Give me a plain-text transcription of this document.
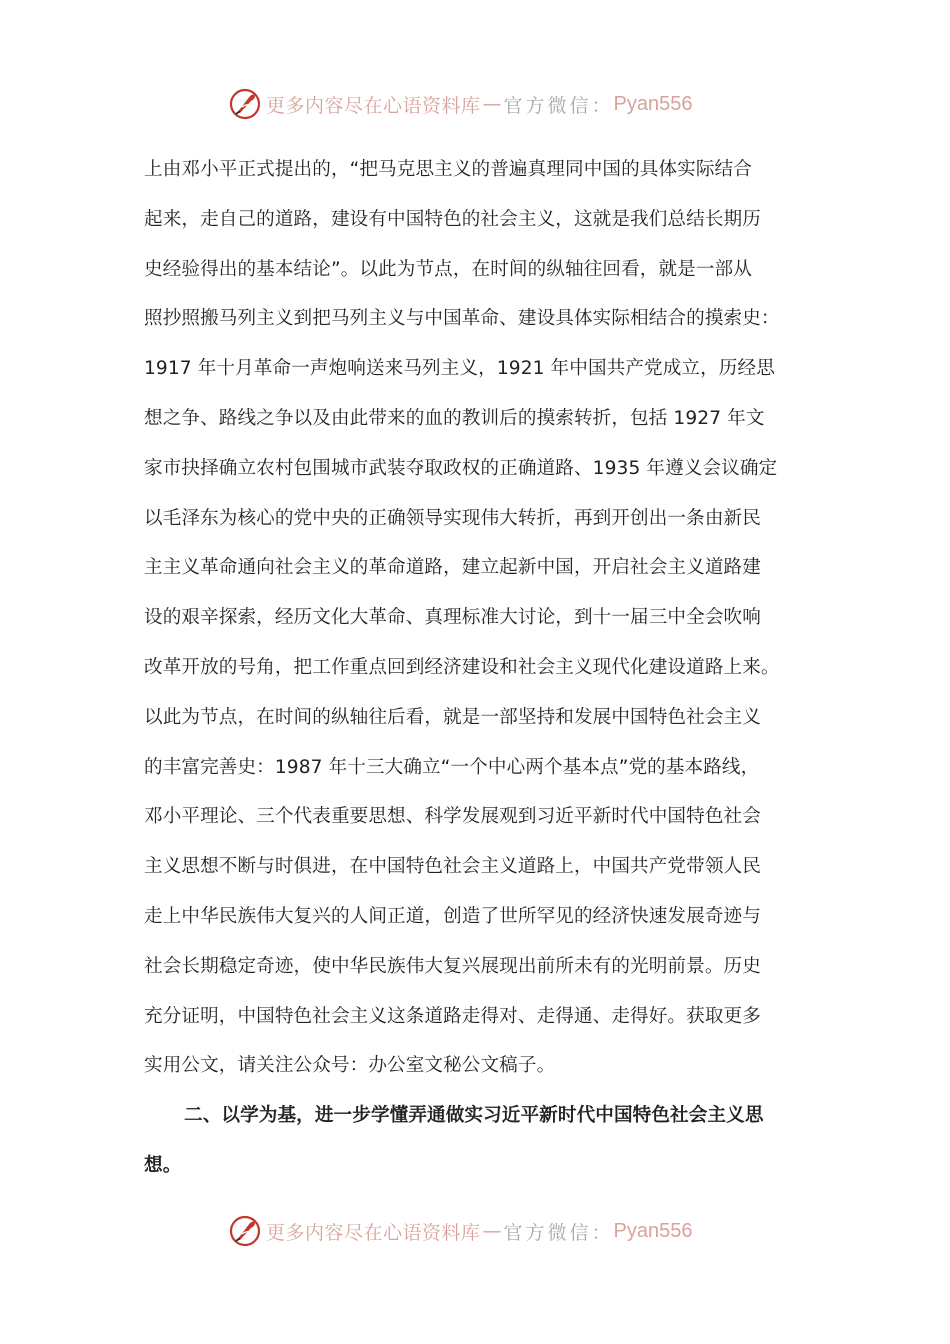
更多内容尽在心语资料库 — 官方微信： Pyan556
上由邓小平正式提出的，“把马克思主义的普遍真理同中国的具体实际结合
起来，走自己的道路，建设有中国特色的社会主义，这就是我们总结长期历
史经验得出的基本结论”。以此为节点，在时间的纵轴往回看，就是一部从
照抄照搬马列主义到把马列主义与中国革命、建设具体实际相结合的摸索史：
1917 年十月革命一声炮响送来马列主义，1921 年中国共产党成立，历经思
想之争、路线之争以及由此带来的血的教训后的摸索转折，包括 1927 年文
家市抉择确立农村包围城市武装夺取政权的正确道路、1935 年遵义会议确定
以毛泽东为核心的党中央的正确领导实现伟大转折，再到开创出一条由新民
主主义革命通向社会主义的革命道路，建立起新中国，开启社会主义道路建
设的艰辛探索，经历文化大革命、真理标准大讨论，到十一届三中全会吹响
改革开放的号角，把工作重点回到经济建设和社会主义现代化建设道路上来。
以此为节点，在时间的纵轴往后看，就是一部坚持和发展中国特色社会主义
的丰富完善史：1987 年十三大确立“一个中心两个基本点”党的基本路线，
邓小平理论、三个代表重要思想、科学发展观到习近平新时代中国特色社会
主义思想不断与时俱进，在中国特色社会主义道路上，中国共产党带领人民
走上中华民族伟大复兴的人间正道，创造了世所罕见的经济快速发展奇迹与
社会长期稳定奇迹，使中华民族伟大复兴展现出前所未有的光明前景。历史
充分证明，中国特色社会主义这条道路走得对、走得通、走得好。获取更多
实用公文，请关注公众号：办公室文秘公文稿子。
二、以学为基，进一步学懂弄通做实习近平新时代中国特色社会主义思
想。
更多内容尽在心语资料库 — 官方微信： Pyan556
